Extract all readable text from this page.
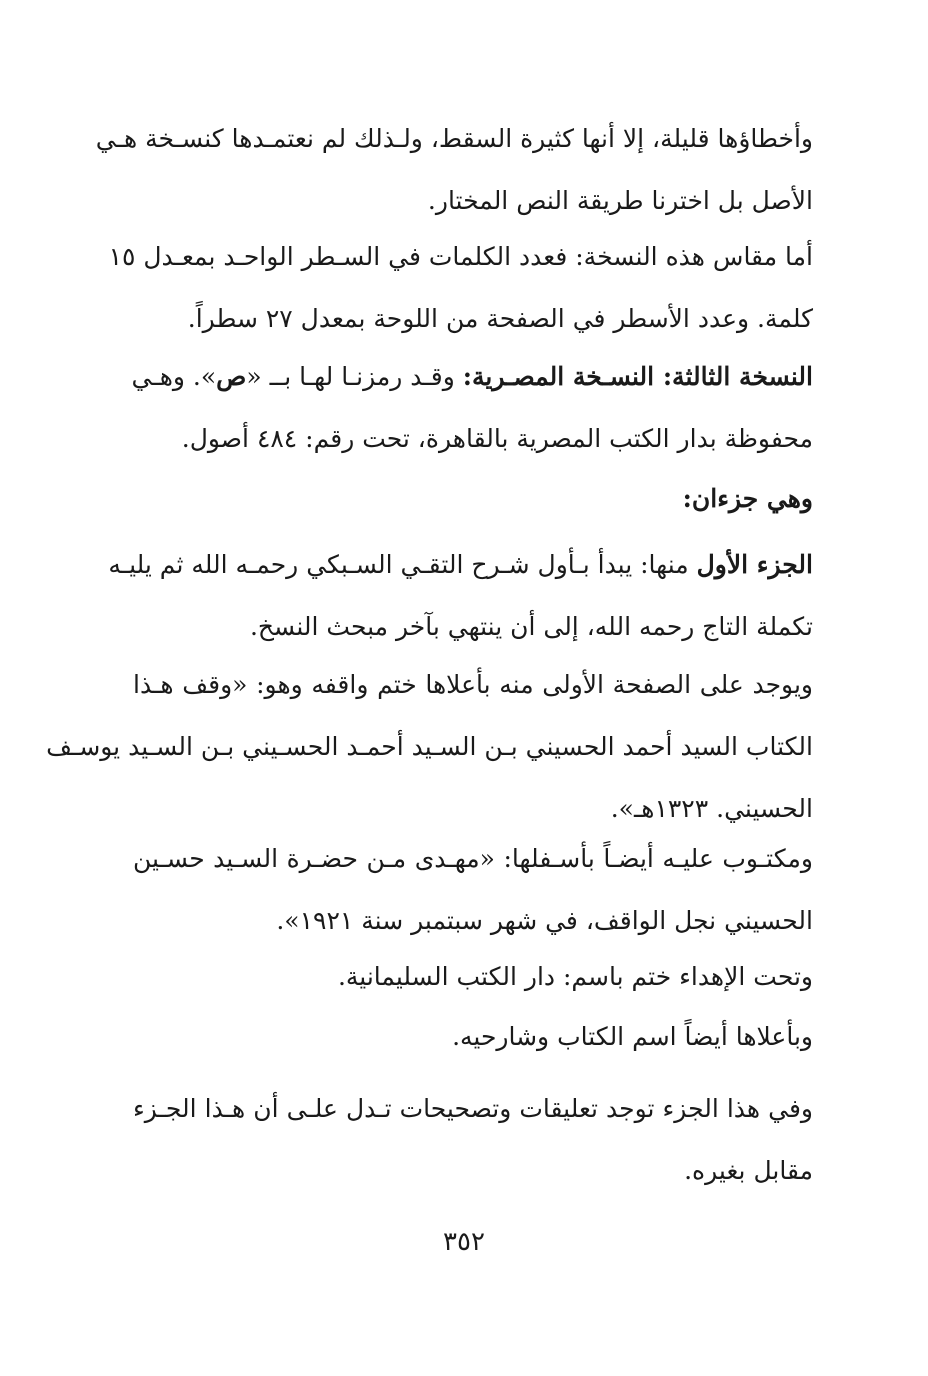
وأخطاؤها قليلة، إلا أنها كثيرة السقط، ولـذلك لم نعتمـدها كنسـخة هـي
الأصل بل اخترنا طريقة النص المختار.
أما مقاس هذه النسخة: فعدد الكلمات في السـطر الواحـد بمعـدل ١٥
كلمة. وعدد الأسطر في الصفحة من اللوحة بمعدل ٢٧ سطراً.
النسخة الثالثة: النسـخة المصـرية: وقـد رمزنـا لهـا بــ «ص». وهـي
محفوظة بدار الكتب المصرية بالقاهرة، تحت رقم: ٤٨٤ أصول.
وهي جزءان:
الجزء الأول منها: يبدأ بـأول شـرح التقـي السـبكي رحمـه الله ثم يليـه
تكملة التاج رحمه الله، إلى أن ينتهي بآخر مبحث النسخ.
ويوجد على الصفحة الأولى منه بأعلاها ختم واقفه وهو: «وقف هـذا
الكتاب السيد أحمد الحسيني بـن السـيد أحمـد الحسـيني بـن السـيد يوسـف
الحسيني. ١٣٢٣هـ».
ومكتـوب عليـه أيضـاً بأسـفلها: «مهـدى مـن حضـرة السـيد حسـين
الحسيني نجل الواقف، في شهر سبتمبر سنة ١٩٢١».
وتحت الإهداء ختم باسم: دار الكتب السليمانية.
وبأعلاها أيضاً اسم الكتاب وشارحيه.
وفي هذا الجزء توجد تعليقات وتصحيحات تـدل علـى أن هـذا الجـزء
مقابل بغيره.
٣٥٢
